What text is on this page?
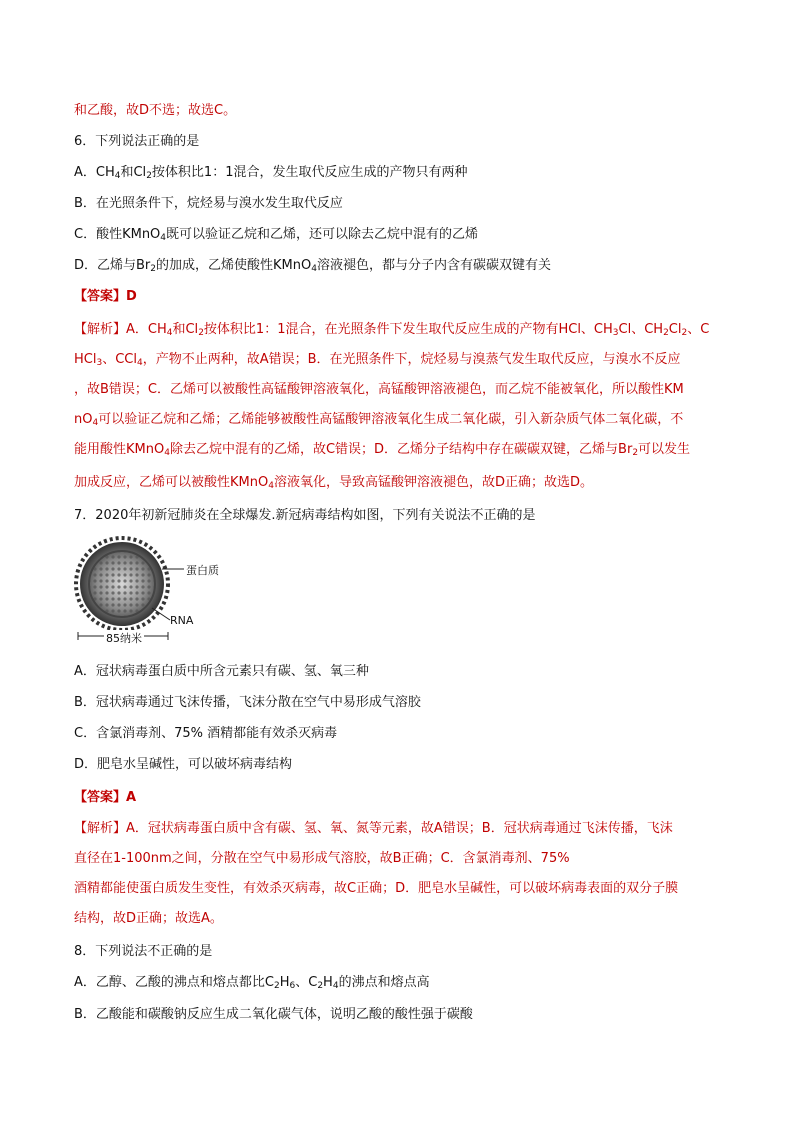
和乙酸，故D不选；故选C。
6．下列说法正确的是
A．$CH_4$和$Cl_2$按体积比1：1混合，发生取代反应生成的产物只有两种
B．在光照条件下，烷烃易与溴水发生取代反应
C．酸性KMnO$_4$既可以验证乙烷和乙烯，还可以除去乙烷中混有的乙烯
D．乙烯与$Br_2$的加成，乙烯使酸性KMnO$_4$溶液褪色，都与分子内含有碳碳双键有关
【答案】D
【解析】A．$CH_4$和$Cl_2$按体积比1：1混合，在光照条件下发生取代反应生成的产物有HCl、$CH_3Cl$、$CH_2Cl_2$、C
HCl$_3$、CCl$_4$，产物不止两种，故A错误；B．在光照条件下，烷烃易与溴蒸气发生取代反应，与溴水不反应
，故B错误；C．乙烯可以被酸性高锰酸钾溶液氧化，高锰酸钾溶液褪色，而乙烷不能被氧化，所以酸性KM
$nO_4$可以验证乙烷和乙烯；乙烯能够被酸性高锰酸钾溶液氧化生成二氧化碳，引入新杂质气体二氧化碳，不
能用酸性KMnO$_4$除去乙烷中混有的乙烯，故C错误；D．乙烯分子结构中存在碳碳双键，乙烯与$Br_2$可以发生
加成反应，乙烯可以被酸性KMnO$_4$溶液氧化，导致高锰酸钾溶液褪色，故D正确；故选D。
7．2020年初新冠肺炎在全球爆发.新冠病毒结构如图，下列有关说法不正确的是
蛋白质
RNA
85纳米
A．冠状病毒蛋白质中所含元素只有碳、氢、氧三种
B．冠状病毒通过飞沫传播，飞沫分散在空气中易形成气溶胶
C．含氯消毒剂、75% 酒精都能有效杀灭病毒
D．肥皂水呈碱性，可以破坏病毒结构
【答案】A
【解析】A．冠状病毒蛋白质中含有碳、氢、氧、氮等元素，故A错误；B．冠状病毒通过飞沫传播，飞沫
直径在1-100nm之间，分散在空气中易形成气溶胶，故B正确；C．含氯消毒剂、75%
酒精都能使蛋白质发生变性，有效杀灭病毒，故C正确；D．肥皂水呈碱性，可以破坏病毒表面的双分子膜
结构，故D正确；故选A。
8．下列说法不正确的是
A．乙醇、乙酸的沸点和熔点都比$C_2H_6$、$C_2H_4$的沸点和熔点高
B．乙酸能和碳酸钠反应生成二氧化碳气体，说明乙酸的酸性强于碳酸
